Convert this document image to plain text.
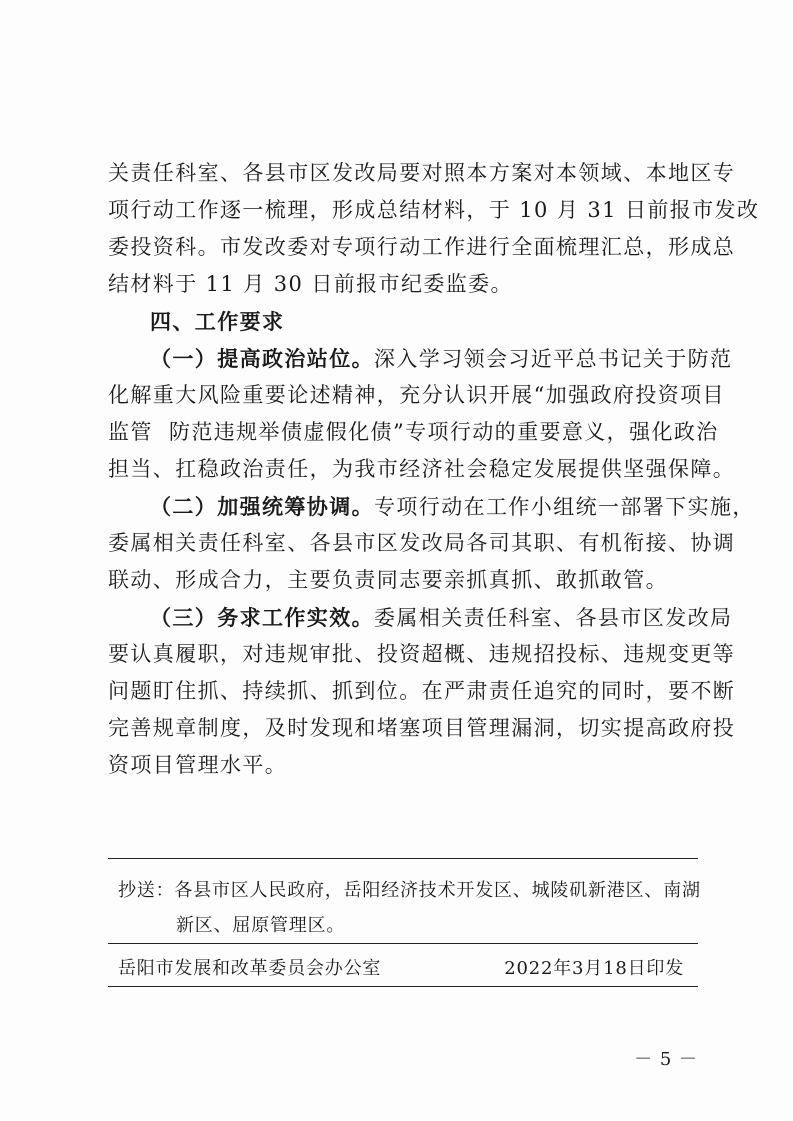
关责任科室、各县市区发改局要对照本方案对本领域、本地区专
项行动工作逐一梳理，形成总结材料，于 10 月 31 日前报市发改
委投资科。市发改委对专项行动工作进行全面梳理汇总，形成总
结材料于 11 月 30 日前报市纪委监委。
四、工作要求
（一）提高政治站位。深入学习领会习近平总书记关于防范
化解重大风险重要论述精神，充分认识开展“加强政府投资项目
监管  防范违规举债虚假化债”专项行动的重要意义，强化政治
担当、扛稳政治责任，为我市经济社会稳定发展提供坚强保障。
（二）加强统筹协调。专项行动在工作小组统一部署下实施，
委属相关责任科室、各县市区发改局各司其职、有机衔接、协调
联动、形成合力，主要负责同志要亲抓真抓、敢抓敢管。
（三）务求工作实效。委属相关责任科室、各县市区发改局
要认真履职，对违规审批、投资超概、违规招投标、违规变更等
问题盯住抓、持续抓、抓到位。在严肃责任追究的同时，要不断
完善规章制度，及时发现和堵塞项目管理漏洞，切实提高政府投
资项目管理水平。
抄送：各县市区人民政府，岳阳经济技术开发区、城陵矶新港区、南湖
新区、屈原管理区。
岳阳市发展和改革委员会办公室	2022年3月18日印发
－ 5 －
